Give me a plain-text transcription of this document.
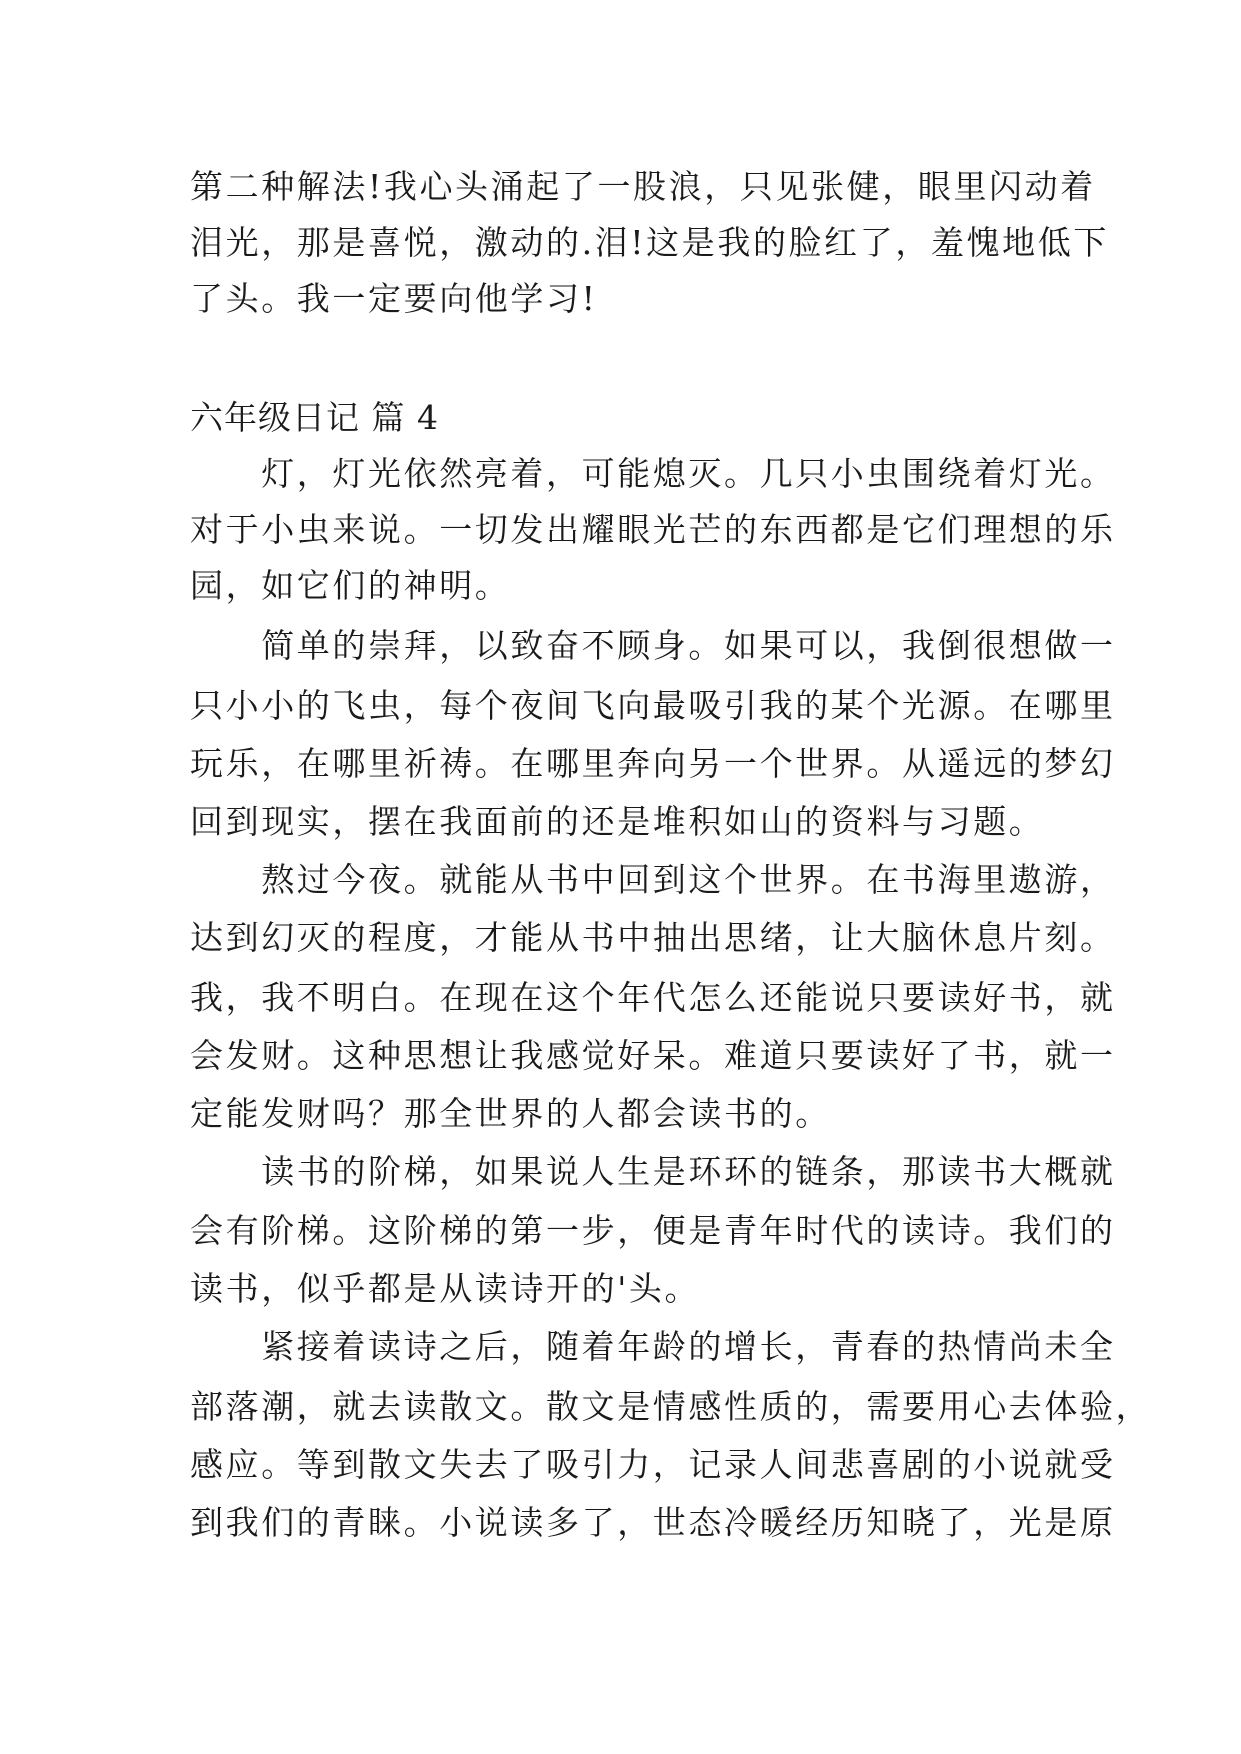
第二种解法!我心头涌起了一股浪，只见张健，眼里闪动着
泪光，那是喜悦，激动的.泪!这是我的脸红了，羞愧地低下
了头。我一定要向他学习!
六年级日记 篇 4
　　灯，灯光依然亮着，可能熄灭。几只小虫围绕着灯光。
对于小虫来说。一切发出耀眼光芒的东西都是它们理想的乐
园，如它们的神明。
　　简单的崇拜，以致奋不顾身。如果可以，我倒很想做一
只小小的飞虫，每个夜间飞向最吸引我的某个光源。在哪里
玩乐，在哪里祈祷。在哪里奔向另一个世界。从遥远的梦幻
回到现实，摆在我面前的还是堆积如山的资料与习题。
　　熬过今夜。就能从书中回到这个世界。在书海里遨游，
达到幻灭的程度，才能从书中抽出思绪，让大脑休息片刻。
我，我不明白。在现在这个年代怎么还能说只要读好书，就
会发财。这种思想让我感觉好呆。难道只要读好了书，就一
定能发财吗？那全世界的人都会读书的。
　　读书的阶梯，如果说人生是环环的链条，那读书大概就
会有阶梯。这阶梯的第一步，便是青年时代的读诗。我们的
读书，似乎都是从读诗开的'头。
　　紧接着读诗之后，随着年龄的增长，青春的热情尚未全
部落潮，就去读散文。散文是情感性质的，需要用心去体验，
感应。等到散文失去了吸引力，记录人间悲喜剧的小说就受
到我们的青睐。小说读多了，世态冷暖经历知晓了，光是原
